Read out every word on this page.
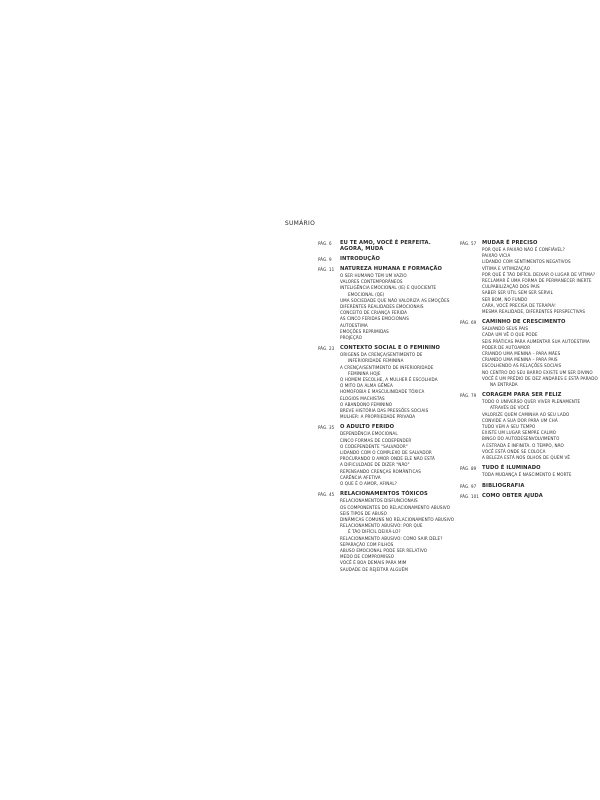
SUMÁRIO
PÁG. 6	EU TE AMO, VOCÊ É PERFEITA. AGORA, MUDA
PÁG. 9	INTRODUÇÃO
PÁG. 11	NATUREZA HUMANA E FORMAÇÃO
O SER HUMANO TEM UM VAZIO
VALORES CONTEMPORÂNEOS
INTELIGÊNCIA EMOCIONAL (IE) E QUOCIENTE
EMOCIONAL (QE)
UMA SOCIEDADE QUE NÃO VALORIZA AS EMOÇÕES
DIFERENTES REALIDADES EMOCIONAIS
CONCEITO DE CRIANÇA FERIDA
AS CINCO FERIDAS EMOCIONAIS
AUTOESTIMA
EMOÇÕES REPRIMIDAS
PROJEÇÃO
PÁG. 23	CONTEXTO SOCIAL E O FEMININO
ORIGENS DA CRENÇA/SENTIMENTO DE
INFERIORIDADE FEMININA
A CRENÇA/SENTIMENTO DE INFERIORIDADE
FEMININA HOJE
O HOMEM ESCOLHE, A MULHER É ESCOLHIDA
O MITO DA ALMA GÊMEA
HOMOFOBIA E MASCULINIDADE TÓXICA
ELOGIOS MACHISTAS
O ABANDONO FEMININO
BREVE HISTÓRIA DAS PRESSÕES SOCIAIS
MULHER: A PROPRIEDADE PRIVADA
PÁG. 35	O ADULTO FERIDO
DEPENDÊNCIA EMOCIONAL
CINCO FORMAS DE CODEPENDER
O CODEPENDENTE "SALVADOR"
LIDANDO COM O COMPLEXO DE SALVADOR
PROCURANDO O AMOR ONDE ELE NÃO ESTÁ
A DIFICULDADE DE DIZER "NÃO"
REPENSANDO CRENÇAS ROMÂNTICAS
CARÊNCIA AFETIVA
O QUE É O AMOR, AFINAL?
PÁG. 45	RELACIONAMENTOS TÓXICOS
RELACIONAMENTOS DISFUNCIONAIS
OS COMPONENTES DO RELACIONAMENTO ABUSIVO
SEIS TIPOS DE ABUSO
DINÂMICAS COMUNS NO RELACIONAMENTO ABUSIVO
RELACIONAMENTO ABUSIVO: POR QUE
É TÃO DIFÍCIL DEIXÁ-LO?
RELACIONAMENTO ABUSIVO: COMO SAIR DELE?
SEPARAÇÃO COM FILHOS
ABUSO EMOCIONAL PODE SER RELATIVO
MEDO DE COMPROMISSO
VOCÊ É BOA DEMAIS PARA MIM
SAUDADE DE REJEITAR ALGUÉM
PÁG. 57	MUDAR É PRECISO
POR QUE A PAIXÃO NÃO É CONFIÁVEL?
PAIXÃO VICIA
LIDANDO COM SENTIMENTOS NEGATIVOS
VÍTIMA E VITIMIZAÇÃO
POR QUE É TÃO DIFÍCIL DEIXAR O LUGAR DE VÍTIMA?
RECLAMAR É UMA FORMA DE PERMANECER INERTE
CULPABILIZAÇÃO DOS PAIS
SABER SER ÚTIL SEM SER SERVIL
SER BOM, NO FUNDO
CARA, VOCÊ PRECISA DE TERAPIA!
MESMA REALIDADE, DIFERENTES PERSPECTIVAS
PÁG. 69	CAMINHO DE CRESCIMENTO
SALVANDO SEUS PAIS
CADA UM VÊ O QUE PODE
SEIS PRÁTICAS PARA AUMENTAR SUA AUTOESTIMA
PODER DE AUTOAMOR
CRIANDO UMA MENINA – PARA MÃES
CRIANDO UMA MENINA – PARA PAIS
ESCOLHENDO AS RELAÇÕES SOCIAIS
NO CENTRO DO SEU BARRO EXISTE UM SER DIVINO
VOCÊ É UM PRÉDIO DE DEZ ANDARES E ESTÁ PARADO
NA ENTRADA
PÁG. 79	CORAGEM PARA SER FELIZ
TODO O UNIVERSO QUER VIVER PLENAMENTE
ATRAVÉS DE VOCÊ
VALORIZE QUEM CAMINHA AO SEU LADO
CONVIDE A SUA DOR PARA UM CHÁ
TUDO VEM A SEU TEMPO
EXISTE UM LUGAR SEMPRE CALMO
BINGO DO AUTODESENVOLVIMENTO
A ESTRADA É INFINITA. O TEMPO, NÃO
VOCÊ ESTÁ ONDE SE COLOCA
A BELEZA ESTÁ NOS OLHOS DE QUEM VÊ
PÁG. 89	TUDO É ILUMINADO
TODA MUDANÇA É NASCIMENTO E MORTE
PÁG. 97	BIBLIOGRAFIA
PÁG. 101 COMO OBTER AJUDA
